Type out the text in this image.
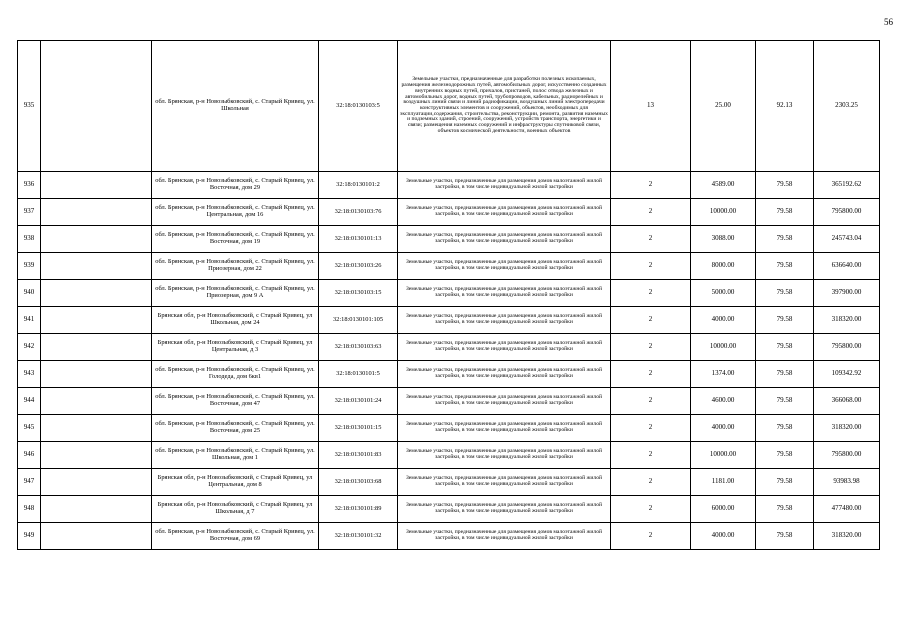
56
935		обл. Брянская, р-н Новозыбковский, с. Старый Кривец, ул. Школьная	32:18:0130103:5	Земельные участки, предназначенные для разработки полезных ископаемых, размещения железнодорожных путей, автомобильных дорог, искусственно созданных внутренних водных путей, причалов, пристаней, полос отвода железных и автомобильных дорог, водных путей, трубопроводов, кабельных, радиорелейных и воздушных линий связи и линий радиофикации, воздушных линий электропередачи конструктивных элементов и сооружений, объектов, необходимых для эксплуатации,содержания, строительства, реконструкции, ремонта, развития наземных и подземных зданий, строений, сооружений, устройств транспорта, энергетики и связи; размещения наземных сооружений и инфраструктуры спутниковой связи, объектов космической деятельности, военных объектов	13	25.00	92.13	2303.25
936		обл. Брянская, р-н Новозыбковский, с. Старый Кривец, ул. Восточная, дом 29	32:18:0130101:2	Земельные участки, предназначенные для размещения домов малоэтажной жилой застройки, в том числе индивидуальной жилой застройки	2	4589.00	79.58	365192.62
937		обл. Брянская, р-н Новозыбковский, с. Старый Кривец, ул. Центральная, дом 16	32:18:0130103:76	Земельные участки, предназначенные для размещения домов малоэтажной жилой застройки, в том числе индивидуальной жилой застройки	2	10000.00	79.58	795800.00
938		обл. Брянская, р-н Новозыбковский, с. Старый Кривец, ул. Восточная, дом 19	32:18:0130101:13	Земельные участки, предназначенные для размещения домов малоэтажной жилой застройки, в том числе индивидуальной жилой застройки	2	3088.00	79.58	245743.04
939		обл. Брянская, р-н Новозыбковский, с. Старый Кривец, ул. Приозерная, дом 22	32:18:0130103:26	Земельные участки, предназначенные для размещения домов малоэтажной жилой застройки, в том числе индивидуальной жилой застройки	2	8000.00	79.58	636640.00
940		обл. Брянская, р-н Новозыбковский, с. Старый Кривец, ул. Приозерная, дом 9 А	32:18:0130103:15	Земельные участки, предназначенные для размещения домов малоэтажной жилой застройки, в том числе индивидуальной жилой застройки	2	5000.00	79.58	397900.00
941		Брянская обл, р-н Новозыбковский, с Старый Кривец, ул Школьная, дом 24	32:18:0130101:105	Земельные участки, предназначенные для размещения домов малоэтажной жилой застройки, в том числе индивидуальной жилой застройки	2	4000.00	79.58	318320.00
942		Брянская обл, р-н Новозыбковский, с Старый Кривец, ул Центральная, д 3	32:18:0130103:63	Земельные участки, предназначенные для размещения домов малоэтажной жилой застройки, в том числе индивидуальной жилой застройки	2	10000.00	79.58	795800.00
943		обл. Брянская, р-н Новозыбковский, с. Старый Кривец, ул. Голодеда, дом 6кв1	32:18:0130101:5	Земельные участки, предназначенные для размещения домов малоэтажной жилой застройки, в том числе индивидуальной жилой застройки	2	1374.00	79.58	109342.92
944		обл. Брянская, р-н Новозыбковский, с. Старый Кривец, ул. Восточная, дом 47	32:18:0130101:24	Земельные участки, предназначенные для размещения домов малоэтажной жилой застройки, в том числе индивидуальной жилой застройки	2	4600.00	79.58	366068.00
945		обл. Брянская, р-н Новозыбковский, с. Старый Кривец, ул. Восточная, дом 25	32:18:0130101:15	Земельные участки, предназначенные для размещения домов малоэтажной жилой застройки, в том числе индивидуальной жилой застройки	2	4000.00	79.58	318320.00
946		обл. Брянская, р-н Новозыбковский, с. Старый Кривец, ул. Школьная, дом 1	32:18:0130101:83	Земельные участки, предназначенные для размещения домов малоэтажной жилой застройки, в том числе индивидуальной жилой застройки	2	10000.00	79.58	795800.00
947		Брянская обл, р-н Новозыбковский, с Старый Кривец, ул Центральная, дом 8	32:18:0130103:68	Земельные участки, предназначенные для размещения домов малоэтажной жилой застройки, в том числе индивидуальной жилой застройки	2	1181.00	79.58	93983.98
948		Брянская обл, р-н Новозыбковский, с Старый Кривец, ул Школьная, д 7	32:18:0130101:89	Земельные участки, предназначенные для размещения домов малоэтажной жилой застройки, в том числе индивидуальной жилой застройки	2	6000.00	79.58	477480.00
949		обл. Брянская, р-н Новозыбковский, с. Старый Кривец, ул. Восточная, дом 69	32:18:0130101:32	Земельные участки, предназначенные для размещения домов малоэтажной жилой застройки, в том числе индивидуальной жилой застройки	2	4000.00	79.58	318320.00
